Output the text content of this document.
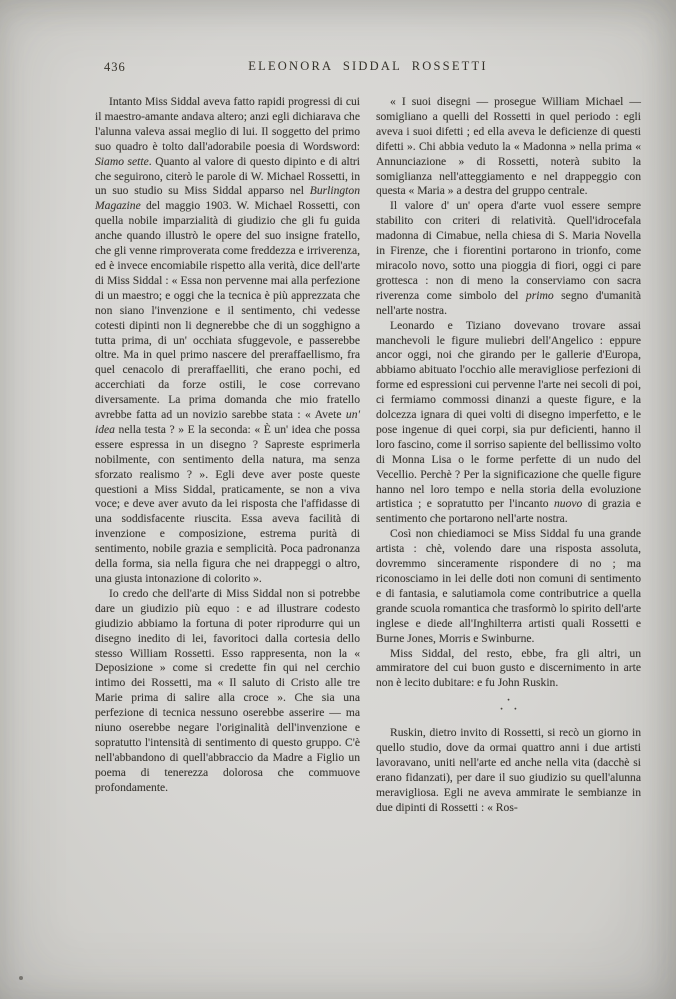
436	ELEONORA SIDDAL ROSSETTI

Intanto Miss Siddal aveva fatto rapidi progressi di cui il maestro-amante andava altero; anzi egli dichiarava che l'alunna valeva assai meglio di lui. Il soggetto del primo suo quadro è tolto dall'adorabile poesia di Wordsword: Siamo sette. Quanto al valore di questo dipinto e di altri che seguirono, citerò le parole di W. Michael Rossetti, in un suo studio su Miss Siddal apparso nel Burlington Magazine del maggio 1903. W. Michael Rossetti, con quella nobile imparzialità di giudizio che gli fu guida anche quando illustrò le opere del suo insigne fratello, che gli venne rimproverata come freddezza e irriverenza, ed è invece encomiabile rispetto alla verità, dice dell'arte di Miss Siddal : « Essa non pervenne mai alla perfezione di un maestro; e oggi che la tecnica è più apprezzata che non siano l'invenzione e il sentimento, chi vedesse cotesti dipinti non li degnerebbe che di un sogghigno a tutta prima, di un' occhiata sfuggevole, e passerebbe oltre. Ma in quel primo nascere del preraffaellismo, fra quel cenacolo di preraffaelliti, che erano pochi, ed accerchiati da forze ostili, le cose correvano diversamente. La prima domanda che mio fratello avrebbe fatta ad un novizio sarebbe stata : « Avete un' idea nella testa ? » E la seconda: « È un' idea che possa essere espressa in un disegno ? Sapreste esprimerla nobilmente, con sentimento della natura, ma senza sforzato realismo ? ». Egli deve aver poste queste questioni a Miss Siddal, praticamente, se non a viva voce; e deve aver avuto da lei risposta che l'affidasse di una soddisfacente riuscita. Essa aveva facilità di invenzione e composizione, estrema purità di sentimento, nobile grazia e semplicità. Poca padronanza della forma, sia nella figura che nei drappeggi o altro, una giusta intonazione di colorito ».

Io credo che dell'arte di Miss Siddal non si potrebbe dare un giudizio più equo : e ad illustrare codesto giudizio abbiamo la fortuna di poter riprodurre qui un disegno inedito di lei, favoritoci dalla cortesia dello stesso William Rossetti. Esso rappresenta, non la « Deposizione » come si credette fin qui nel cerchio intimo dei Rossetti, ma « Il saluto di Cristo alle tre Marie prima di salire alla croce ». Che sia una perfezione di tecnica nessuno oserebbe asserire — ma niuno oserebbe negare l'originalità dell'invenzione e sopratutto l'intensità di sentimento di questo gruppo. C'è nell'abbandono di quell'abbraccio da Madre a Figlio un poema di tenerezza dolorosa che commuove profondamente.

« I suoi disegni — prosegue William Michael — somigliano a quelli del Rossetti in quel periodo : egli aveva i suoi difetti ; ed ella aveva le deficienze di questi difetti ». Chi abbia veduto la « Madonna » nella prima « Annunciazione » di Rossetti, noterà subito la somiglianza nell'atteggiamento e nel drappeggio con questa « Maria » a destra del gruppo centrale.

Il valore d' un' opera d'arte vuol essere sempre stabilito con criteri di relatività. Quell'idrocefala madonna di Cimabue, nella chiesa di S. Maria Novella in Firenze, che i fiorentini portarono in trionfo, come miracolo novo, sotto una pioggia di fiori, oggi ci pare grottesca : non di meno la conserviamo con sacra riverenza come simbolo del primo segno d'umanità nell'arte nostra.

Leonardo e Tiziano dovevano trovare assai manchevoli le figure muliebri dell'Angelico : eppure ancor oggi, noi che girando per le gallerie d'Europa, abbiamo abituato l'occhio alle meravigliose perfezioni di forme ed espressioni cui pervenne l'arte nei secoli di poi, ci fermiamo commossi dinanzi a queste figure, e la dolcezza ignara di quei volti di disegno imperfetto, e le pose ingenue di quei corpi, sia pur deficienti, hanno il loro fascino, come il sorriso sapiente del bellissimo volto di Monna Lisa o le forme perfette di un nudo del Vecellio. Perchè ? Per la significazione che quelle figure hanno nel loro tempo e nella storia della evoluzione artistica ; e sopratutto per l'incanto nuovo di grazia e sentimento che portarono nell'arte nostra.

Così non chiediamoci se Miss Siddal fu una grande artista : chè, volendo dare una risposta assoluta, dovremmo sinceramente rispondere di no ; ma riconosciamo in lei delle doti non comuni di sentimento e di fantasia, e salutiamola come contributrice a quella grande scuola romantica che trasformò lo spirito dell'arte inglese e diede all'Inghilterra artisti quali Rossetti e Burne Jones, Morris e Swinburne.

Miss Siddal, del resto, ebbe, fra gli altri, un ammiratore del cui buon gusto e discernimento in arte non è lecito dubitare: e fu John Ruskin.

·
· ·

Ruskin, dietro invito di Rossetti, si recò un giorno in quello studio, dove da ormai quattro anni i due artisti lavoravano, uniti nell'arte ed anche nella vita (dacchè si erano fidanzati), per dare il suo giudizio su quell'alunna meravigliosa. Egli ne aveva ammirate le sembianze in due dipinti di Rossetti : « Ros-
